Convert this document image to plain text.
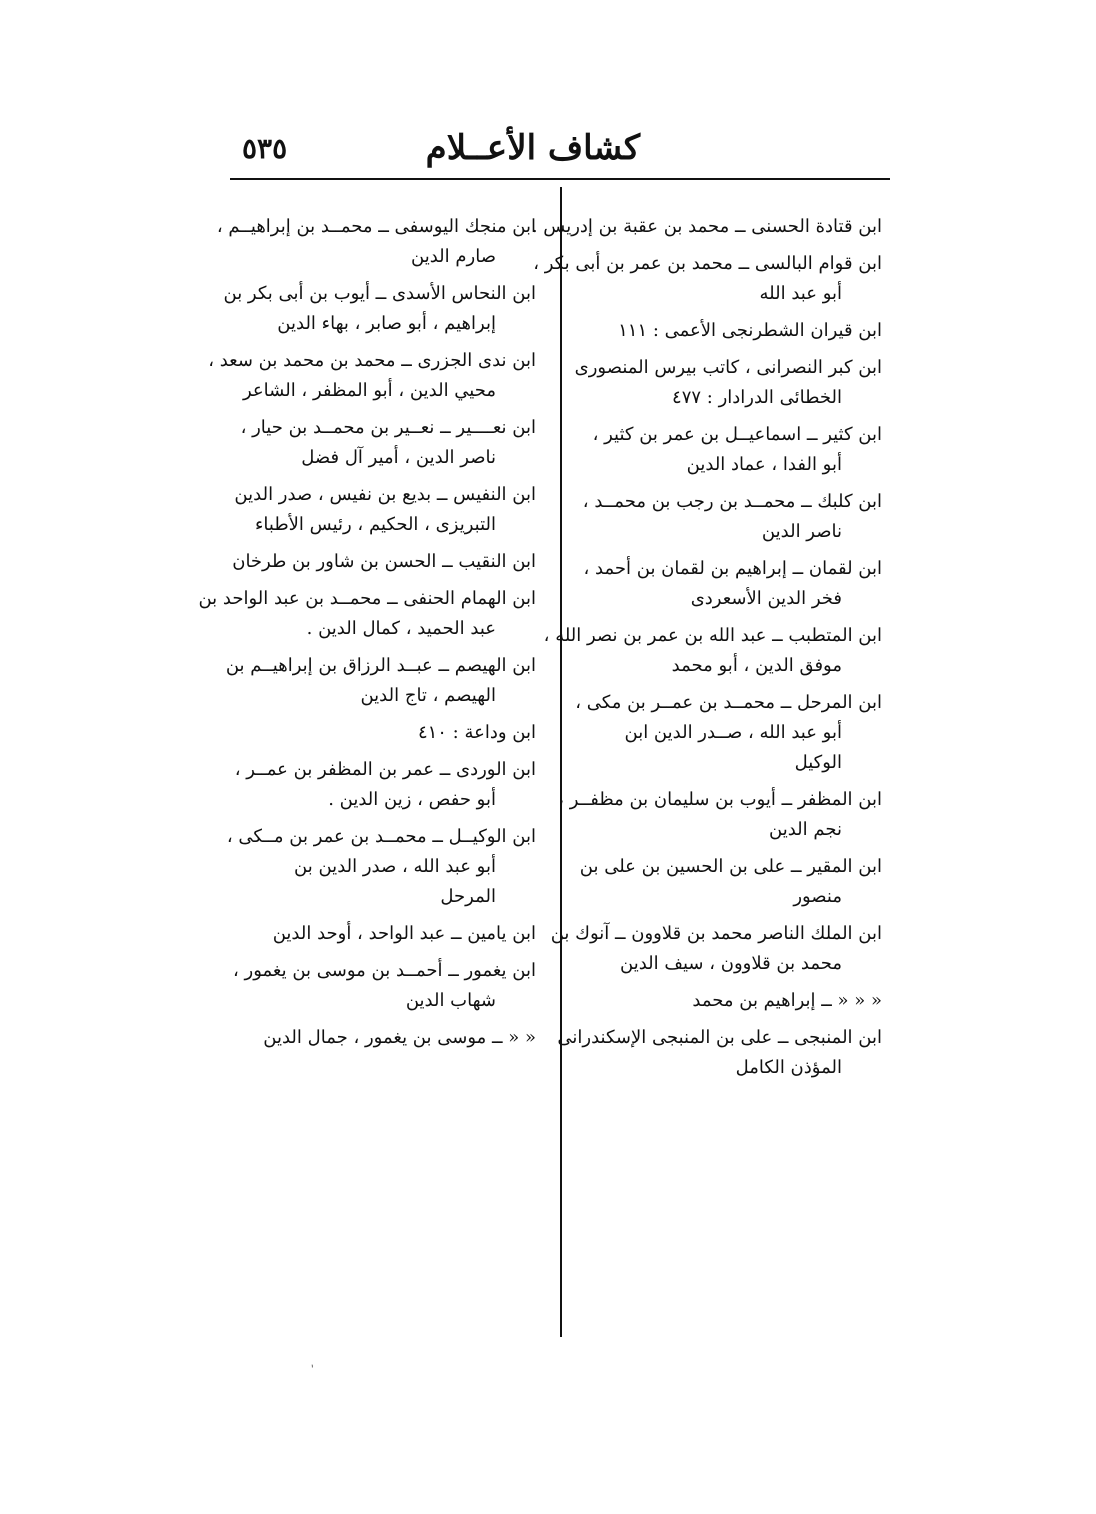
كشاف الأعــلام
٥٣٥
ابن قتادة الحسنى ــ محمد بن عقبة بن إدريس .
ابن قوام البالسى ــ محمد بن عمر بن أبى بكر ،
أبو عبد الله
ابن قيران الشطرنجى الأعمى : ١١١
ابن كبر النصرانى ، كاتب بيرس المنصورى
الخطائى الدرادار : ٤٧٧
ابن كثير ــ اسماعيــل بن عمر بن كثير ،
أبو الفدا ، عماد الدين
ابن كلبك ــ محمــد بن رجب بن محمــد ،
ناصر الدين
ابن لقمان ــ إبراهيم بن لقمان بن أحمد ،
فخر الدين الأسعردى
ابن المتطبب ــ عبد الله بن عمر بن نصر الله ،
موفق الدين ، أبو محمد
ابن المرحل ــ محمــد بن عمــر بن مكى ،
أبو عبد الله ، صــدر الدين ابن الوكيل
ابن المظفر ــ أيوب بن سليمان بن مظفــر ،
نجم الدين
ابن المقير ــ على بن الحسين بن على بن
منصور
ابن الملك الناصر محمد بن قلاوون ــ آنوك بن
محمد بن قلاوون ، سيف الدين
« « « ــ إبراهيم بن محمد
ابن المنبجى ــ على بن المنبجى الإسكندرانى
المؤذن الكامل
ابن منجك اليوسفى ــ محمــد بن إبراهيــم ،
صارم الدين
ابن النحاس الأسدى ــ أيوب بن أبى بكر بن
إبراهيم ، أبو صابر ، بهاء الدين
ابن ندى الجزرى ــ محمد بن محمد بن سعد ،
محيي الدين ، أبو المظفر ، الشاعر
ابن نعــــير ــ نعــير بن محمــد بن حيار ،
ناصر الدين ، أمير آل فضل
ابن النفيس ــ بديع بن نفيس ، صدر الدين
التبريزى ، الحكيم ، رئيس الأطباء
ابن النقيب ــ الحسن بن شاور بن طرخان
ابن الهمام الحنفى ــ محمــد بن عبد الواحد بن
عبد الحميد ، كمال الدين .
ابن الهيصم ــ عبــد الرزاق بن إبراهيــم بن
الهيصم ، تاج الدين
ابن وداعة : ٤١٠
ابن الوردى ــ عمر بن المظفر بن عمــر ،
أبو حفص ، زين الدين .
ابن الوكيــل ــ محمــد بن عمر بن مــكى ،
أبو عبد الله ، صدر الدين بن المرحل
ابن يامين ــ عبد الواحد ، أوحد الدين
ابن يغمور ــ أحمــد بن موسى بن يغمور ،
شهاب الدين
« « ــ موسى بن يغمور ، جمال الدين
